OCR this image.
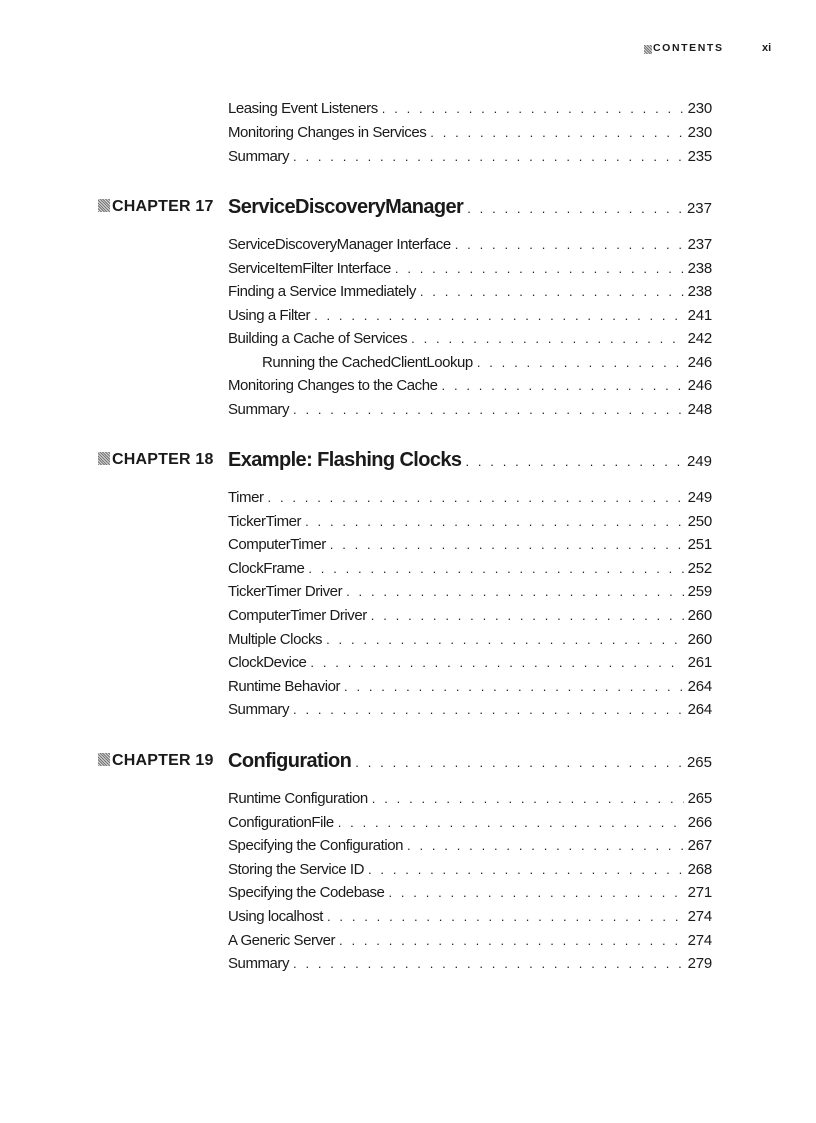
CONTENTS	xi
Leasing Event Listeners . . .	230
Monitoring Changes in Services . . .	230
Summary . . .	235
CHAPTER 17 ServiceDiscoveryManager . . .	237
ServiceDiscoveryManager Interface . . .	237
ServiceItemFilter Interface . . .	238
Finding a Service Immediately . . .	238
Using a Filter . . .	241
Building a Cache of Services . . .	242
Running the CachedClientLookup . . .	246
Monitoring Changes to the Cache . . .	246
Summary . . .	248
CHAPTER 18 Example: Flashing Clocks . . .	249
Timer . . .	249
TickerTimer . . .	250
ComputerTimer . . .	251
ClockFrame . . .	252
TickerTimer Driver . . .	259
ComputerTimer Driver . . .	260
Multiple Clocks . . .	260
ClockDevice . . .	261
Runtime Behavior . . .	264
Summary . . .	264
CHAPTER 19 Configuration . . .	265
Runtime Configuration . . .	265
ConfigurationFile . . .	266
Specifying the Configuration . . .	267
Storing the Service ID . . .	268
Specifying the Codebase . . .	271
Using localhost . . .	274
A Generic Server . . .	274
Summary . . .	279
